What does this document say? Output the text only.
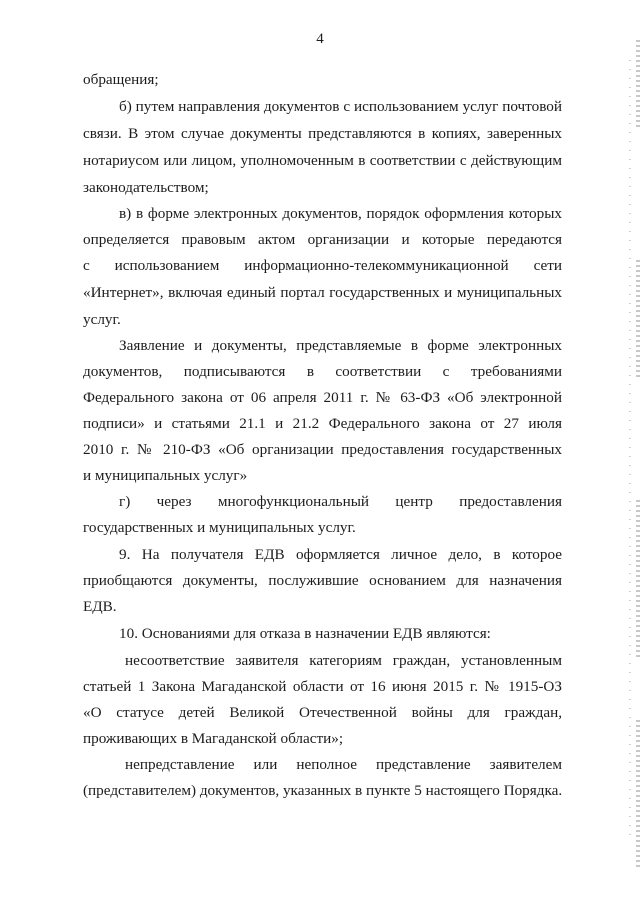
4
обращения;
б) путем направления документов с использованием услуг почтовой
связи. В этом случае документы представляются в копиях, заверенных
нотариусом или лицом, уполномоченным в соответствии с действующим
законодательством;
в) в форме электронных документов, порядок оформления которых
определяется правовым актом организации и которые передаются
с использованием информационно-телекоммуникационной сети
«Интернет», включая единый портал государственных и муниципальных
услуг.
Заявление и документы, представляемые в форме электронных
документов, подписываются в соответствии с требованиями
Федерального закона от 06 апреля 2011 г. № 63-ФЗ «Об электронной
подписи» и статьями 21.1 и 21.2 Федерального закона от 27 июля
2010 г. № 210-ФЗ «Об организации предоставления государственных
и муниципальных услуг»
г) через многофункциональный центр предоставления
государственных и муниципальных услуг.
9. На получателя ЕДВ оформляется личное дело, в которое
приобщаются документы, послужившие основанием для назначения
ЕДВ.
10. Основаниями для отказа в назначении ЕДВ являются:
несоответствие заявителя категориям граждан, установленным
статьей 1 Закона Магаданской области от 16 июня 2015 г. № 1915-ОЗ
«О статусе детей Великой Отечественной войны для граждан,
проживающих в Магаданской области»;
непредставление или неполное представление заявителем
(представителем) документов, указанных в пункте 5 настоящего Порядка.
